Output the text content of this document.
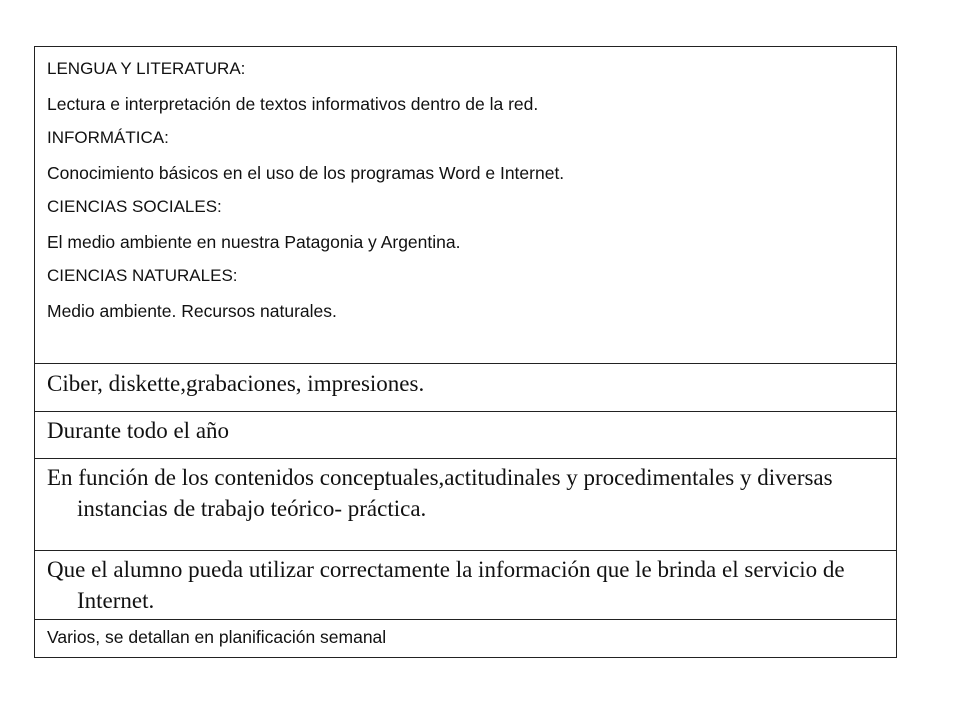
LENGUA Y LITERATURA:
Lectura e interpretación de textos informativos dentro de la red.
INFORMÁTICA:
Conocimiento básicos en el uso de los programas Word e Internet.
CIENCIAS SOCIALES:
El medio ambiente en nuestra Patagonia y Argentina.
CIENCIAS NATURALES:
Medio ambiente. Recursos naturales.
Ciber, diskette,grabaciones, impresiones.
Durante todo el año
En función de los contenidos conceptuales,actitudinales y procedimentales y diversas instancias de trabajo teórico- práctica.
Que el alumno pueda utilizar correctamente la información que le brinda el servicio de Internet.
Varios, se detallan en planificación semanal
